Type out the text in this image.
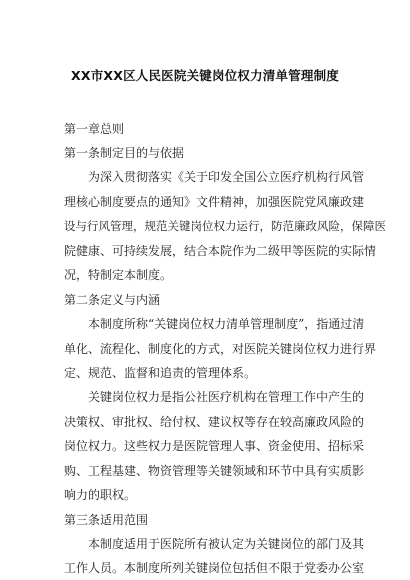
XX市XX区人民医院关键岗位权力清单管理制度
第一章总则
第一条制定目的与依据
为深入贯彻落实《关于印发全国公立医疗机构行风管
理核心制度要点的通知》文件精神，加强医院党风廉政建
设与行风管理，规范关键岗位权力运行，防范廉政风险，保障医
院健康、可持续发展，结合本院作为二级甲等医院的实际情
况，特制定本制度。
第二条定义与内涵
本制度所称“关键岗位权力清单管理制度”，指通过清
单化、流程化、制度化的方式，对医院关键岗位权力进行界
定、规范、监督和追责的管理体系。
关键岗位权力是指公社医疗机构在管理工作中产生的
决策权、审批权、给付权、建议权等存在较高廉政风险的
岗位权力。这些权力是医院管理人事、资金使用、招标采
购、工程基建、物资管理等关键领域和环节中具有实质影
响力的职权。
第三条适用范围
本制度适用于医院所有被认定为关键岗位的部门及其
工作人员。本制度所列关键岗位包括但不限于党委办公室
